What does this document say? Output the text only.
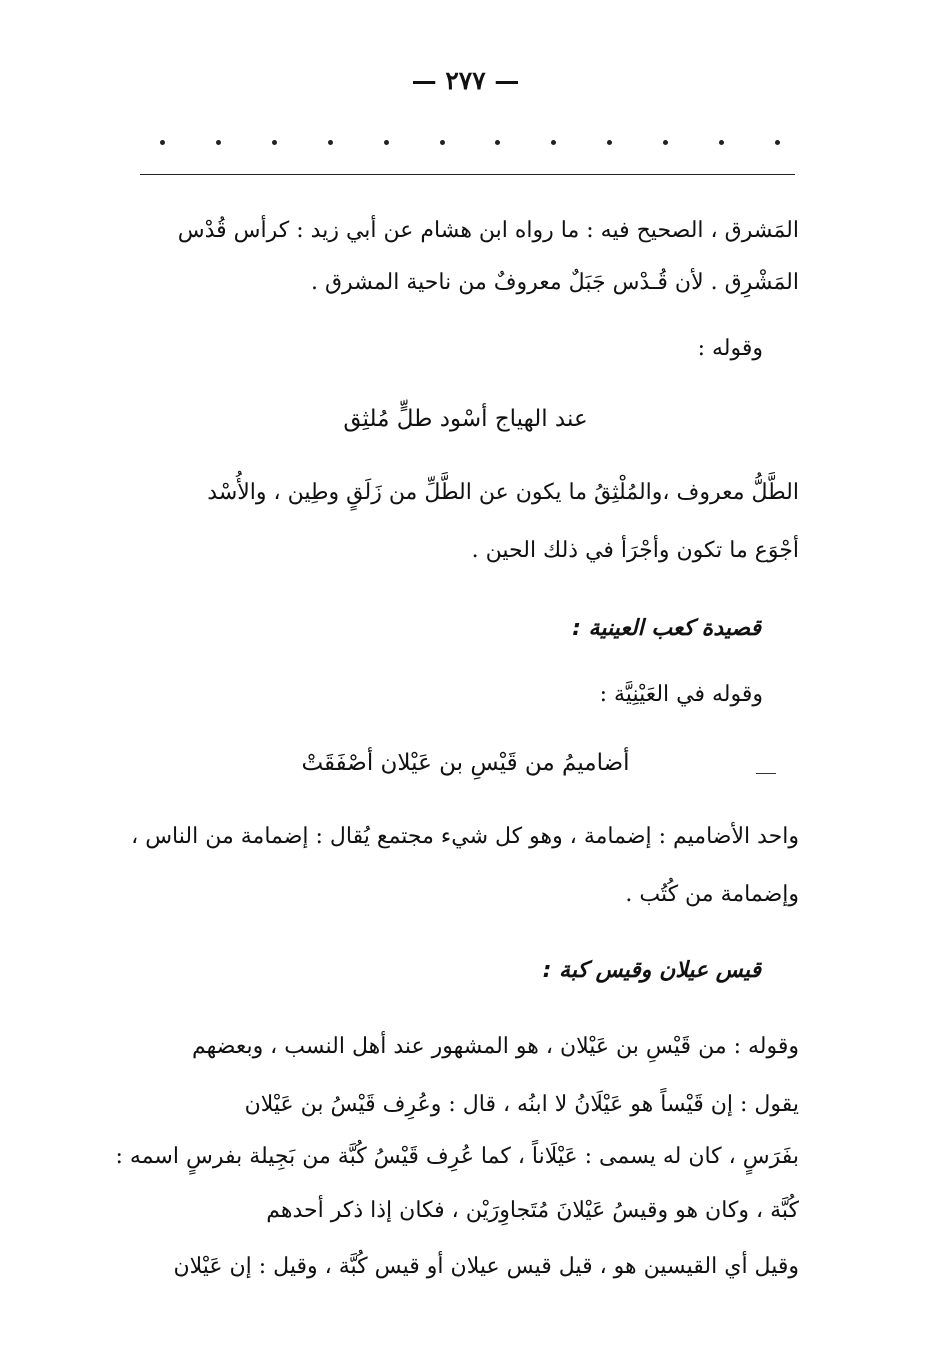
— ٢٧٧ —
المَشرق ، الصحيح فيه : ما رواه ابن هشام عن أبي زيد : كرأس قُدْس
المَشْرِق . لأن قُـدْس جَبَلٌ معروفٌ من ناحية المشرق .
وقوله :
عند الهياج أسْود طلٍّ مُلثِق
الطَّلُّ معروف ،والمُلْثِقُ ما يكون عن الطَّلِّ من زَلَقٍ وطِين ، والأُسْد
أجْوَع ما تكون وأجْرَأ في ذلك الحين .
قصيدة كعب العينية :
وقوله في العَيْنِيَّة :
أضاميمُ من قَيْسِ بن عَيْلان أصْفَقَتْ
واحد الأضاميم : إضمامة ، وهو كل شيء مجتمع يُقال : إضمامة من الناس ،
وإضمامة من كُتُب .
قيس عيلان وقيس كبة :
وقوله : من قَيْسِ بن عَيْلان ، هو المشهور عند أهل النسب ، وبعضهم
يقول : إن قَيْساً هو عَيْلَانُ لا ابنُه ، قال : وعُرِف قَيْسُ بن عَيْلان
بفَرَسٍ ، كان له يسمى : عَيْلَاناً ، كما عُرِف قَيْسُ كُبَّة من بَجِيلة بفرسٍ اسمه :
كُبَّة ، وكان هو وقيسُ عَيْلانَ مُتَجاوِرَيْن ، فكان إذا ذكر أحدهم
وقيل أي القيسين هو ، قيل قيس عيلان أو قيس كُبَّة ، وقيل : إن عَيْلان
